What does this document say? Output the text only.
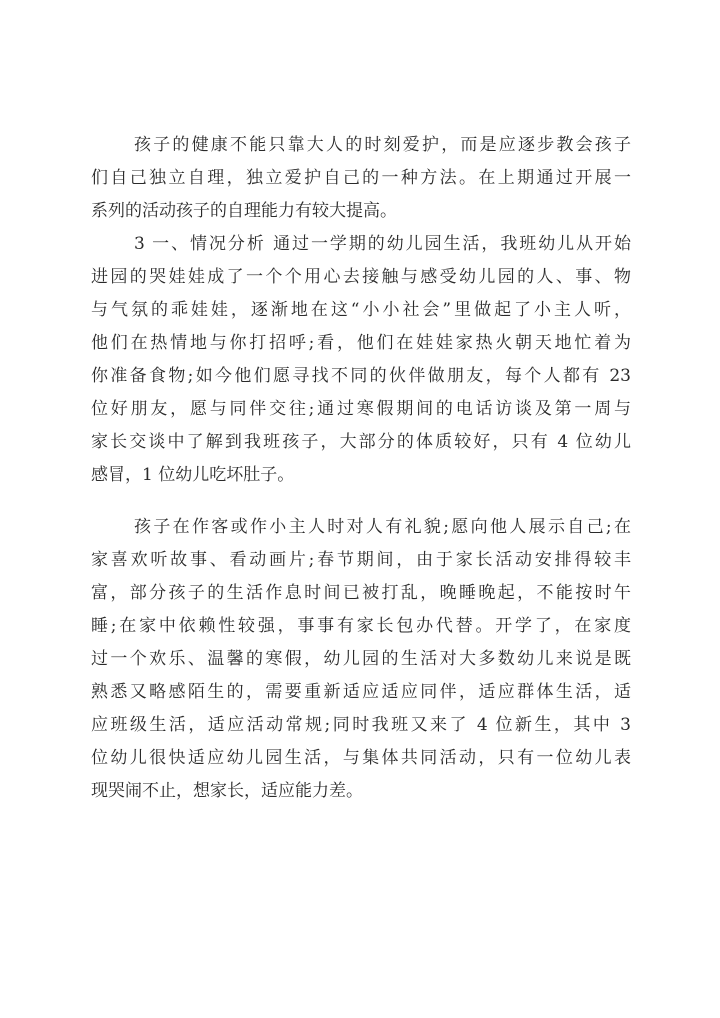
孩子的健康不能只靠大人的时刻爱护，而是应逐步教会孩子
们自己独立自理，独立爱护自己的一种方法。在上期通过开展一
系列的活动孩子的自理能力有较大提高。
3 一、情况分析 通过一学期的幼儿园生活，我班幼儿从开始
进园的哭娃娃成了一个个用心去接触与感受幼儿园的人、事、物
与气氛的乖娃娃，逐渐地在这“小小社会”里做起了小主人听，
他们在热情地与你打招呼;看，他们在娃娃家热火朝天地忙着为
你准备食物;如今他们愿寻找不同的伙伴做朋友，每个人都有 23
位好朋友，愿与同伴交往;通过寒假期间的电话访谈及第一周与
家长交谈中了解到我班孩子，大部分的体质较好，只有 4 位幼儿
感冒，1 位幼儿吃坏肚子。
孩子在作客或作小主人时对人有礼貌;愿向他人展示自己;在
家喜欢听故事、看动画片;春节期间，由于家长活动安排得较丰
富，部分孩子的生活作息时间已被打乱，晚睡晚起，不能按时午
睡;在家中依赖性较强，事事有家长包办代替。开学了，在家度
过一个欢乐、温馨的寒假，幼儿园的生活对大多数幼儿来说是既
熟悉又略感陌生的，需要重新适应适应同伴，适应群体生活，适
应班级生活，适应活动常规;同时我班又来了 4 位新生，其中 3
位幼儿很快适应幼儿园生活，与集体共同活动，只有一位幼儿表
现哭闹不止，想家长，适应能力差。
